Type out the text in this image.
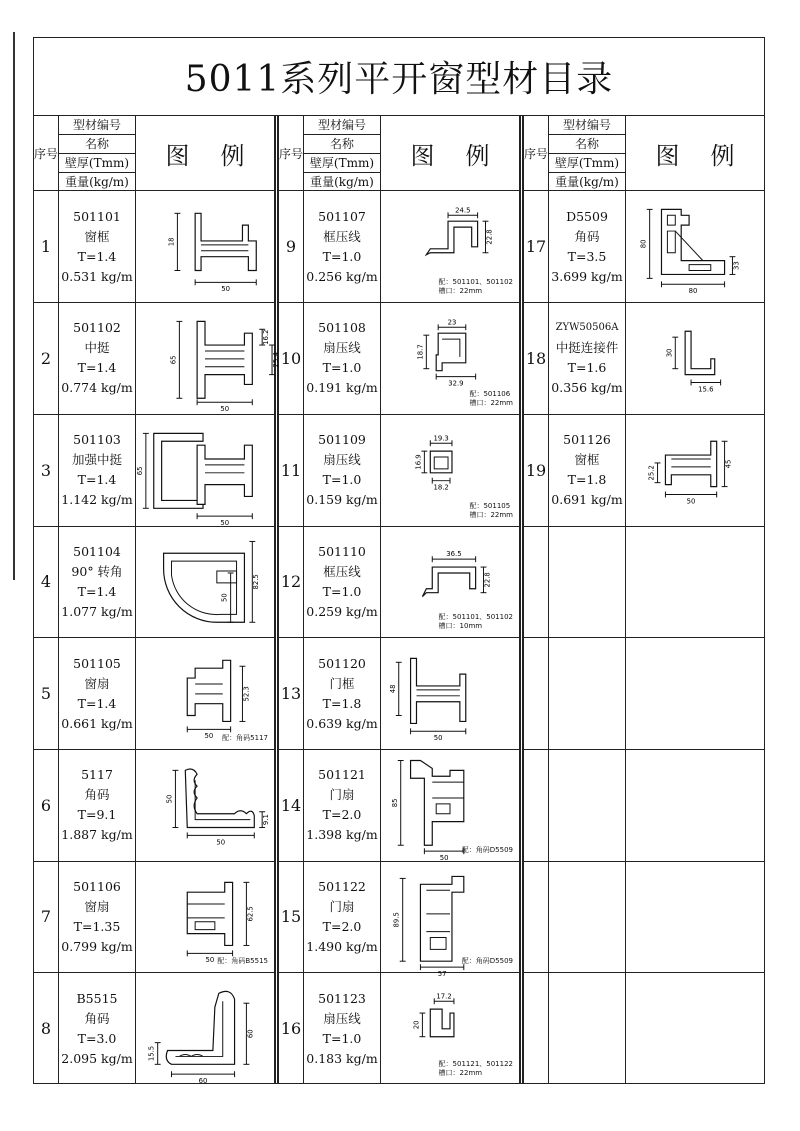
5011系列平开窗型材目录
序号
型材编号
名称
壁厚(Tmm)
重量(kg/m)
图 例
1
501101
窗框
T=1.4
0.531 kg/m
18
50
2
501102
中挺
T=1.4
0.774 kg/m
65
16.2
25.4
50
3
501103
加强中挺
T=1.4
1.142 kg/m
65
50
4
501104
90° 转角
T=1.4
1.077 kg/m
82.5
50
5
501105
窗扇
T=1.4
0.661 kg/m
52.3
50 配：角码5117
6
5117
角码
T=9.1
1.887 kg/m
50
9.1
50
7
501106
窗扇
T=1.35
0.799 kg/m
62.5
50 配：角码B5515
8
B5515
角码
T=3.0
2.095 kg/m 15.5
60
60
序号
型材编号
名称
壁厚(Tmm)
重量(kg/m)
图 例
9
501107
框压线
T=1.0
0.256 kg/m
24.5
22.8
配：501101、501102
槽口：22mm
10
501108
扇压线
T=1.0
0.191 kg/m
23
18.7
32.9
配：501106
槽口：22mm
11
501109
扇压线
T=1.0
0.159 kg/m
19.3
16.9
18.2
配：501105
槽口：22mm
12
501110
框压线
T=1.0
0.259 kg/m
36.5
22.8
配：501101、501102
槽口：10mm
13
501120
门框
T=1.8
0.639 kg/m
48
50
14
501121
门扇
T=2.0
1.398 kg/m
85
50
配：角码D5509
15
501122
门扇
T=2.0
1.490 kg/m
89.5
57
配：角码D5509
16
501123
扇压线
T=1.0
0.183 kg/m
17.2
20
配：501121、501122
槽口：22mm
序号
型材编号
名称
壁厚(Tmm)
重量(kg/m)
图 例
17
D5509
角码
T=3.5
3.699 kg/m
80
33
80
18
ZYW50506A
中挺连接件
T=1.6
0.356 kg/m
30
15.6
19
501126
窗框
T=1.8
0.691 kg/m
25.2
45
50
